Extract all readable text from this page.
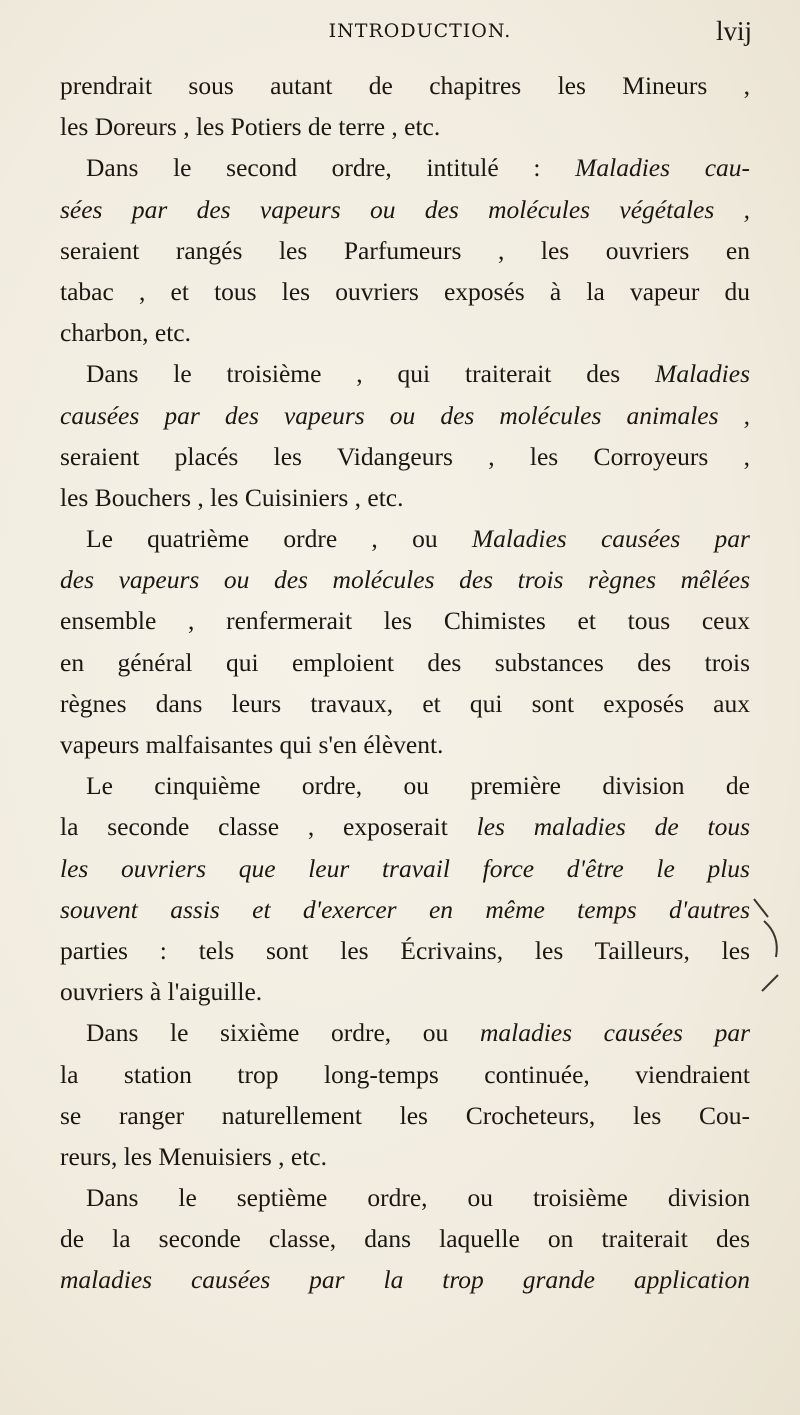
INTRODUCTION.	lvij
prendrait sous autant de chapitres les Mineurs ,
les Doreurs , les Potiers de terre , etc.
Dans le second ordre, intitulé : Maladies cau-
sées par des vapeurs ou des molécules végétales ,
seraient rangés les Parfumeurs , les ouvriers en
tabac , et tous les ouvriers exposés à la vapeur du
charbon, etc.
Dans le troisième , qui traiterait des Maladies
causées par des vapeurs ou des molécules animales ,
seraient placés les Vidangeurs , les Corroyeurs ,
les Bouchers , les Cuisiniers , etc.
Le quatrième ordre , ou Maladies causées par
des vapeurs ou des molécules des trois règnes mêlées
ensemble , renfermerait les Chimistes et tous ceux
en général qui emploient des substances des trois
règnes dans leurs travaux, et qui sont exposés aux
vapeurs malfaisantes qui s'en élèvent.
Le cinquième ordre, ou première division de
la seconde classe , exposerait les maladies de tous
les ouvriers que leur travail force d'être le plus
souvent assis et d'exercer en même temps d'autres
parties : tels sont les Écrivains, les Tailleurs, les
ouvriers à l'aiguille.
Dans le sixième ordre, ou maladies causées par
la station trop long-temps continuée, viendraient
se ranger naturellement les Crocheteurs, les Cou-
reurs, les Menuisiers , etc.
Dans le septième ordre, ou troisième division
de la seconde classe, dans laquelle on traiterait des
maladies causées par la trop grande application
